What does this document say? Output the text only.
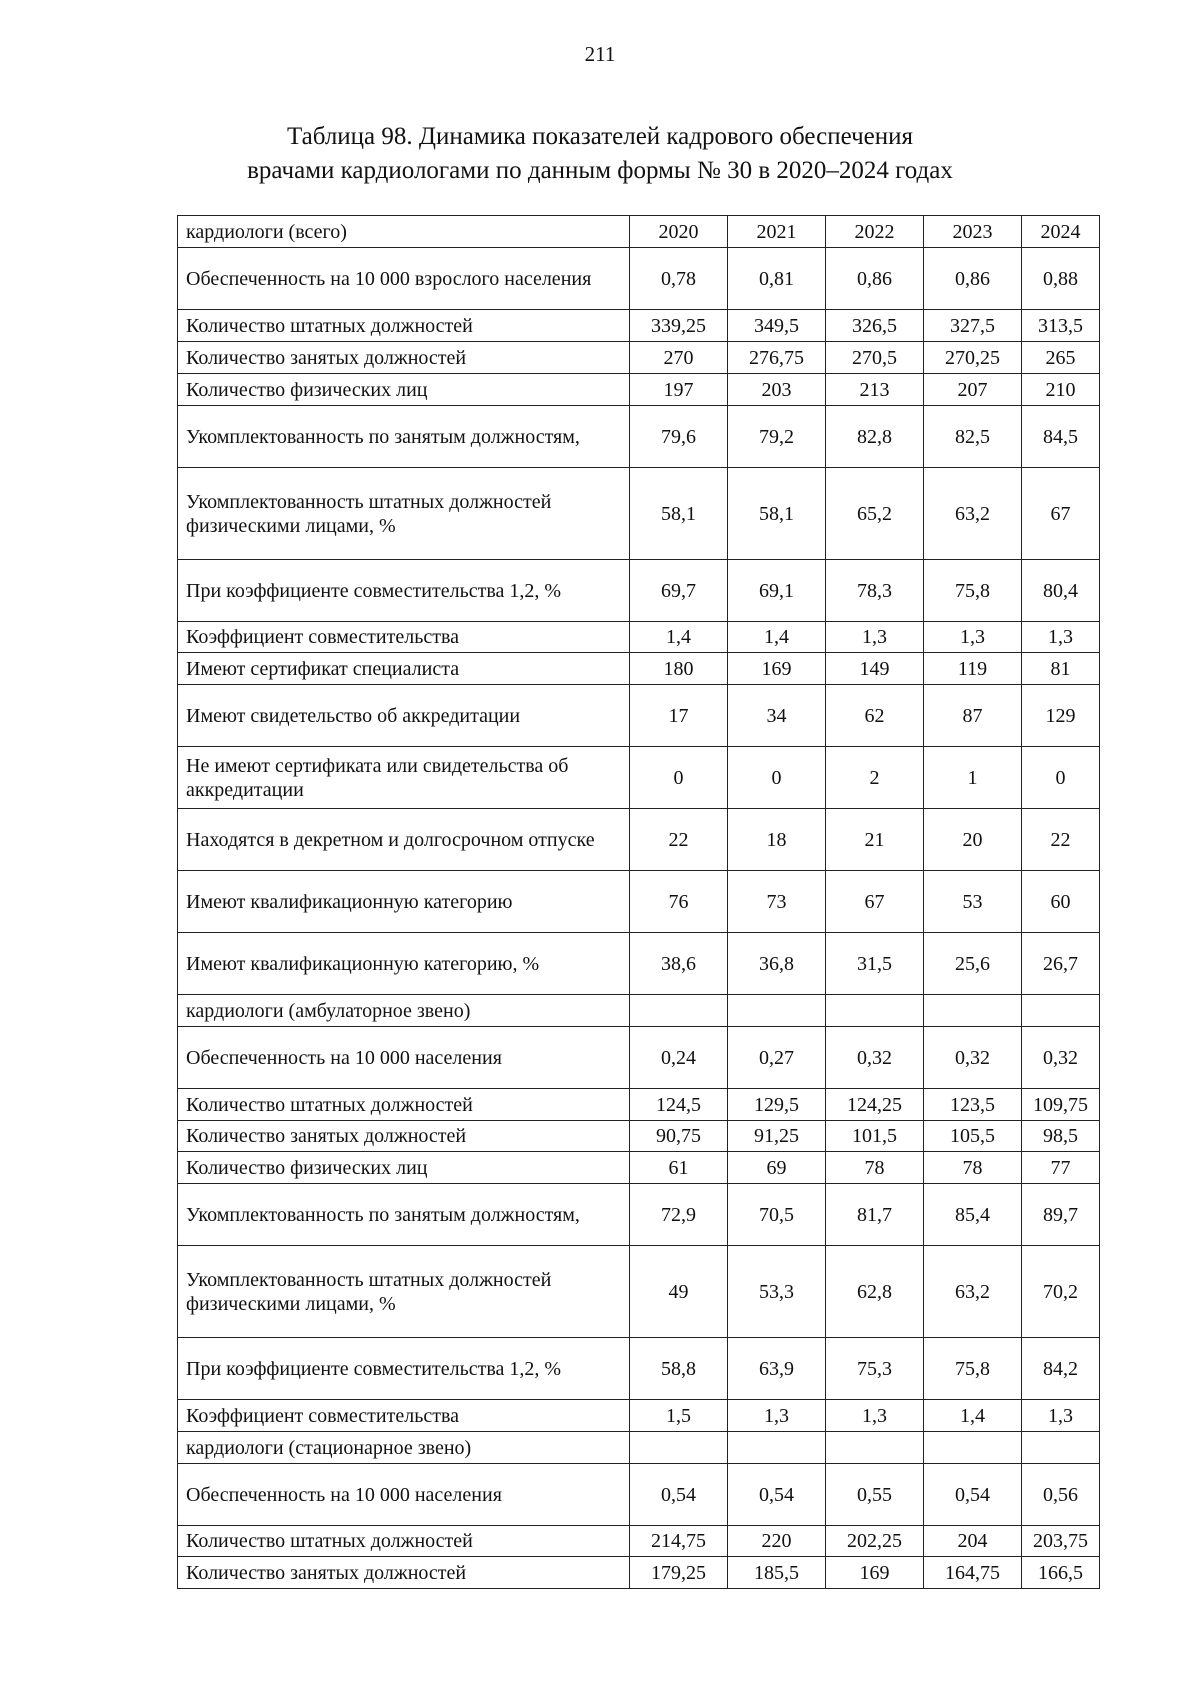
211
Таблица 98. Динамика показателей кадрового обеспечения
врачами кардиологами по данным формы № 30 в 2020–2024 годах
кардиологи (всего)	2020	2021	2022	2023	2024
Обеспеченность на 10 000 взрослого населения	0,78	0,81	0,86	0,86	0,88
Количество штатных должностей	339,25	349,5	326,5	327,5	313,5
Количество занятых должностей	270	276,75	270,5	270,25	265
Количество физических лиц	197	203	213	207	210
Укомплектованность по занятым должностям,	79,6	79,2	82,8	82,5	84,5
Укомплектованность штатных должностей физическими лицами, %	58,1	58,1	65,2	63,2	67
При коэффициенте совместительства 1,2, %	69,7	69,1	78,3	75,8	80,4
Коэффициент совместительства	1,4	1,4	1,3	1,3	1,3
Имеют сертификат специалиста	180	169	149	119	81
Имеют свидетельство об аккредитации	17	34	62	87	129
Не имеют сертификата или свидетельства об аккредитации	0	0	2	1	0
Находятся в декретном и долгосрочном отпуске	22	18	21	20	22
Имеют квалификационную категорию	76	73	67	53	60
Имеют квалификационную категорию, %	38,6	36,8	31,5	25,6	26,7
кардиологи (амбулаторное звено)					
Обеспеченность на 10 000 населения	0,24	0,27	0,32	0,32	0,32
Количество штатных должностей	124,5	129,5	124,25	123,5	109,75
Количество занятых должностей	90,75	91,25	101,5	105,5	98,5
Количество физических лиц	61	69	78	78	77
Укомплектованность по занятым должностям,	72,9	70,5	81,7	85,4	89,7
Укомплектованность штатных должностей физическими лицами, %	49	53,3	62,8	63,2	70,2
При коэффициенте совместительства 1,2, %	58,8	63,9	75,3	75,8	84,2
Коэффициент совместительства	1,5	1,3	1,3	1,4	1,3
кардиологи (стационарное звено)					
Обеспеченность на 10 000 населения	0,54	0,54	0,55	0,54	0,56
Количество штатных должностей	214,75	220	202,25	204	203,75
Количество занятых должностей	179,25	185,5	169	164,75	166,5
